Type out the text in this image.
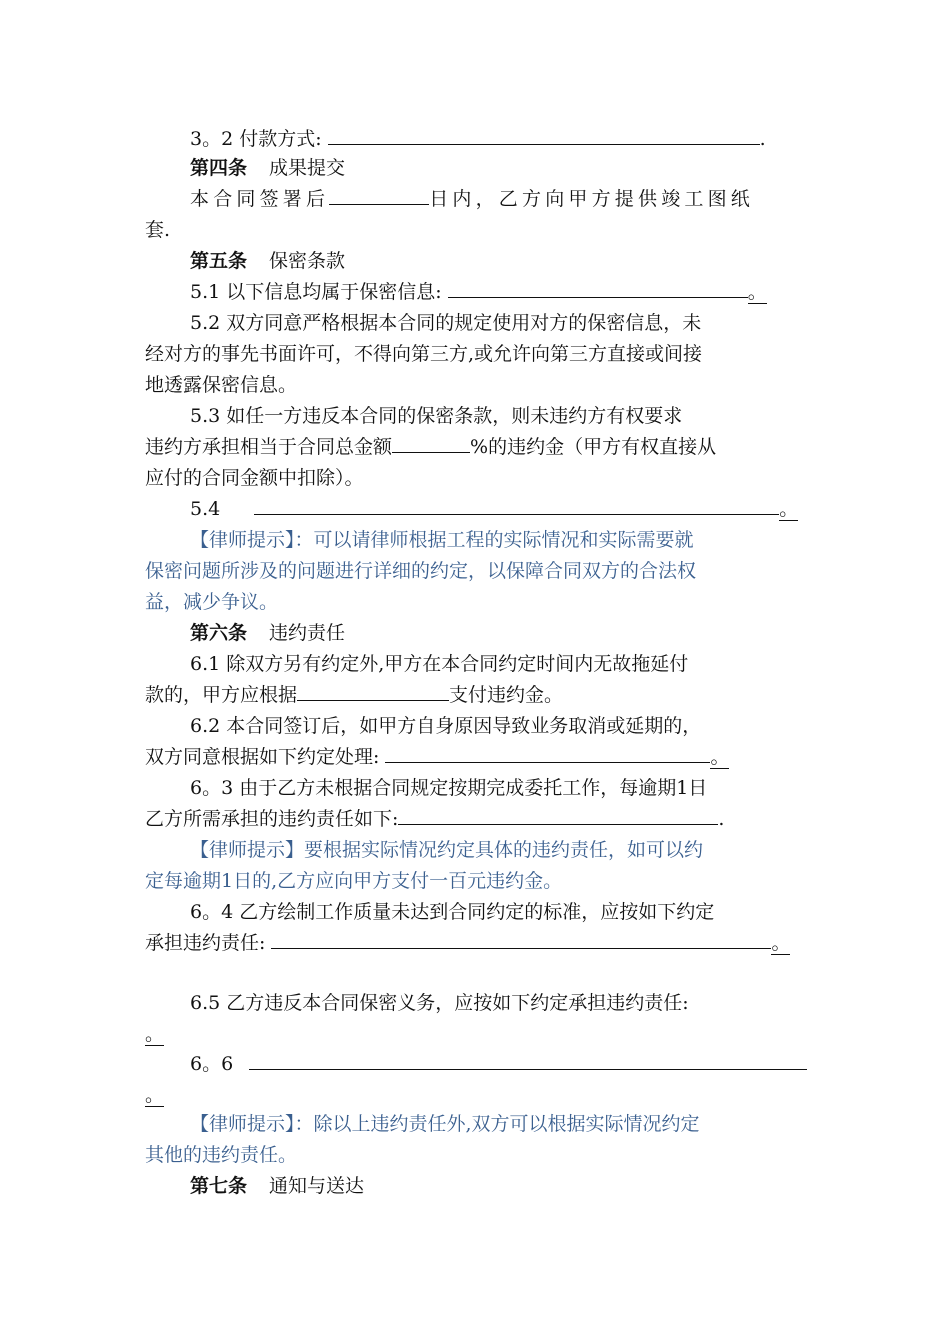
3。2 付款方式:	.
第四条 成果提交
本合同签署后	日内，乙方向甲方提供竣工图纸
套.
第五条 保密条款
5.1 以下信息均属于保密信息:	。
5.2 双方同意严格根据本合同的规定使用对方的保密信息，未
经对方的事先书面许可，不得向第三方,或允许向第三方直接或间接
地透露保密信息。
5.3 如任一方违反本合同的保密条款，则未违约方有权要求
违约方承担相当于合同总金额	%的违约金（甲方有权直接从
应付的合同金额中扣除）。
5.4	。
【律师提示】：可以请律师根据工程的实际情况和实际需要就
保密问题所涉及的问题进行详细的约定，以保障合同双方的合法权
益，减少争议。
第六条 违约责任
6.1 除双方另有约定外,甲方在本合同约定时间内无故拖延付
款的，甲方应根据	支付违约金。
6.2 本合同签订后，如甲方自身原因导致业务取消或延期的，
双方同意根据如下约定处理:	。
6。3 由于乙方未根据合同规定按期完成委托工作，每逾期1日
乙方所需承担的违约责任如下:	.
【律师提示】要根据实际情况约定具体的违约责任，如可以约
定每逾期1日的,乙方应向甲方支付一百元违约金。
6。4 乙方绘制工作质量未达到合同约定的标准，应按如下约定
承担违约责任:	。
6.5 乙方违反本合同保密义务，应按如下约定承担违约责任:
。
6。6
。
【律师提示】：除以上违约责任外,双方可以根据实际情况约定
其他的违约责任。
第七条 通知与送达
